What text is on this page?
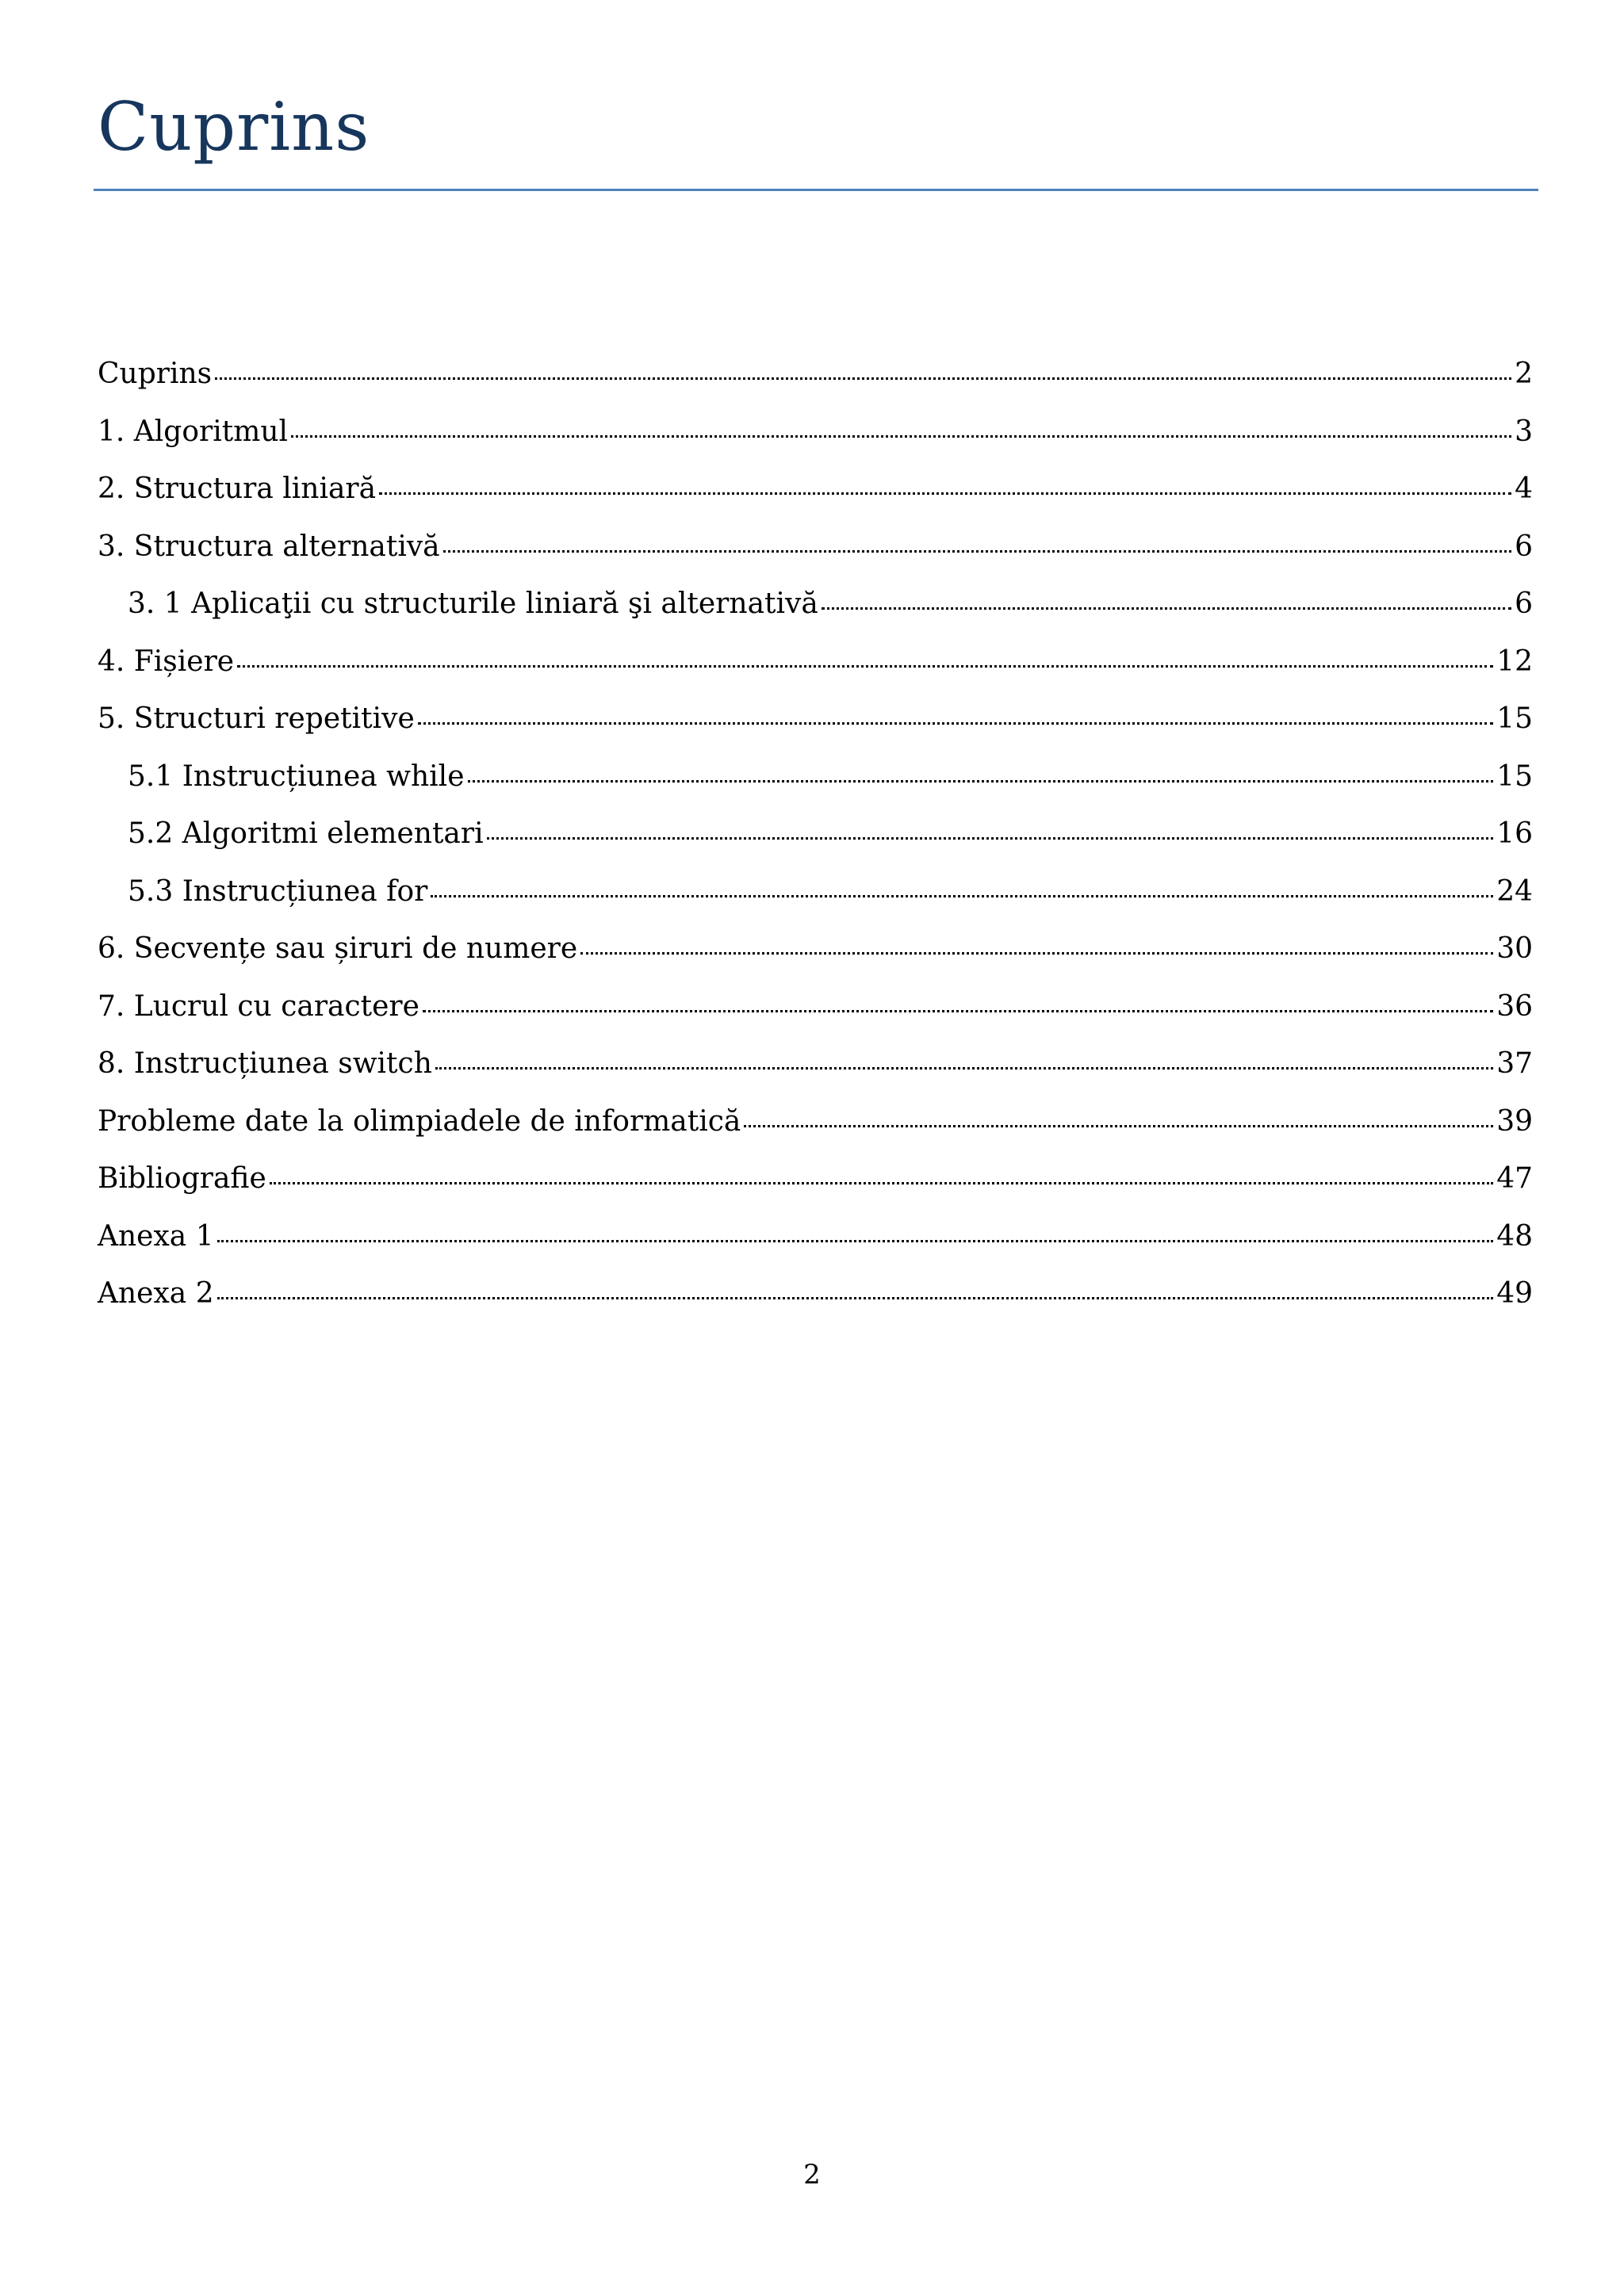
Cuprins
Cuprins	2
1. Algoritmul	3
2. Structura liniară	4
3. Structura alternativă	6
3. 1 Aplicaţii cu structurile liniară şi alternativă	6
4. Fișiere	12
5. Structuri repetitive	15
5.1 Instrucțiunea while	15
5.2 Algoritmi elementari	16
5.3 Instrucțiunea for	24
6. Secvențe sau șiruri de numere	30
7. Lucrul cu caractere	36
8. Instrucțiunea switch	37
Probleme date la olimpiadele de informatică	39
Bibliografie	47
Anexa 1	48
Anexa 2	49
2
